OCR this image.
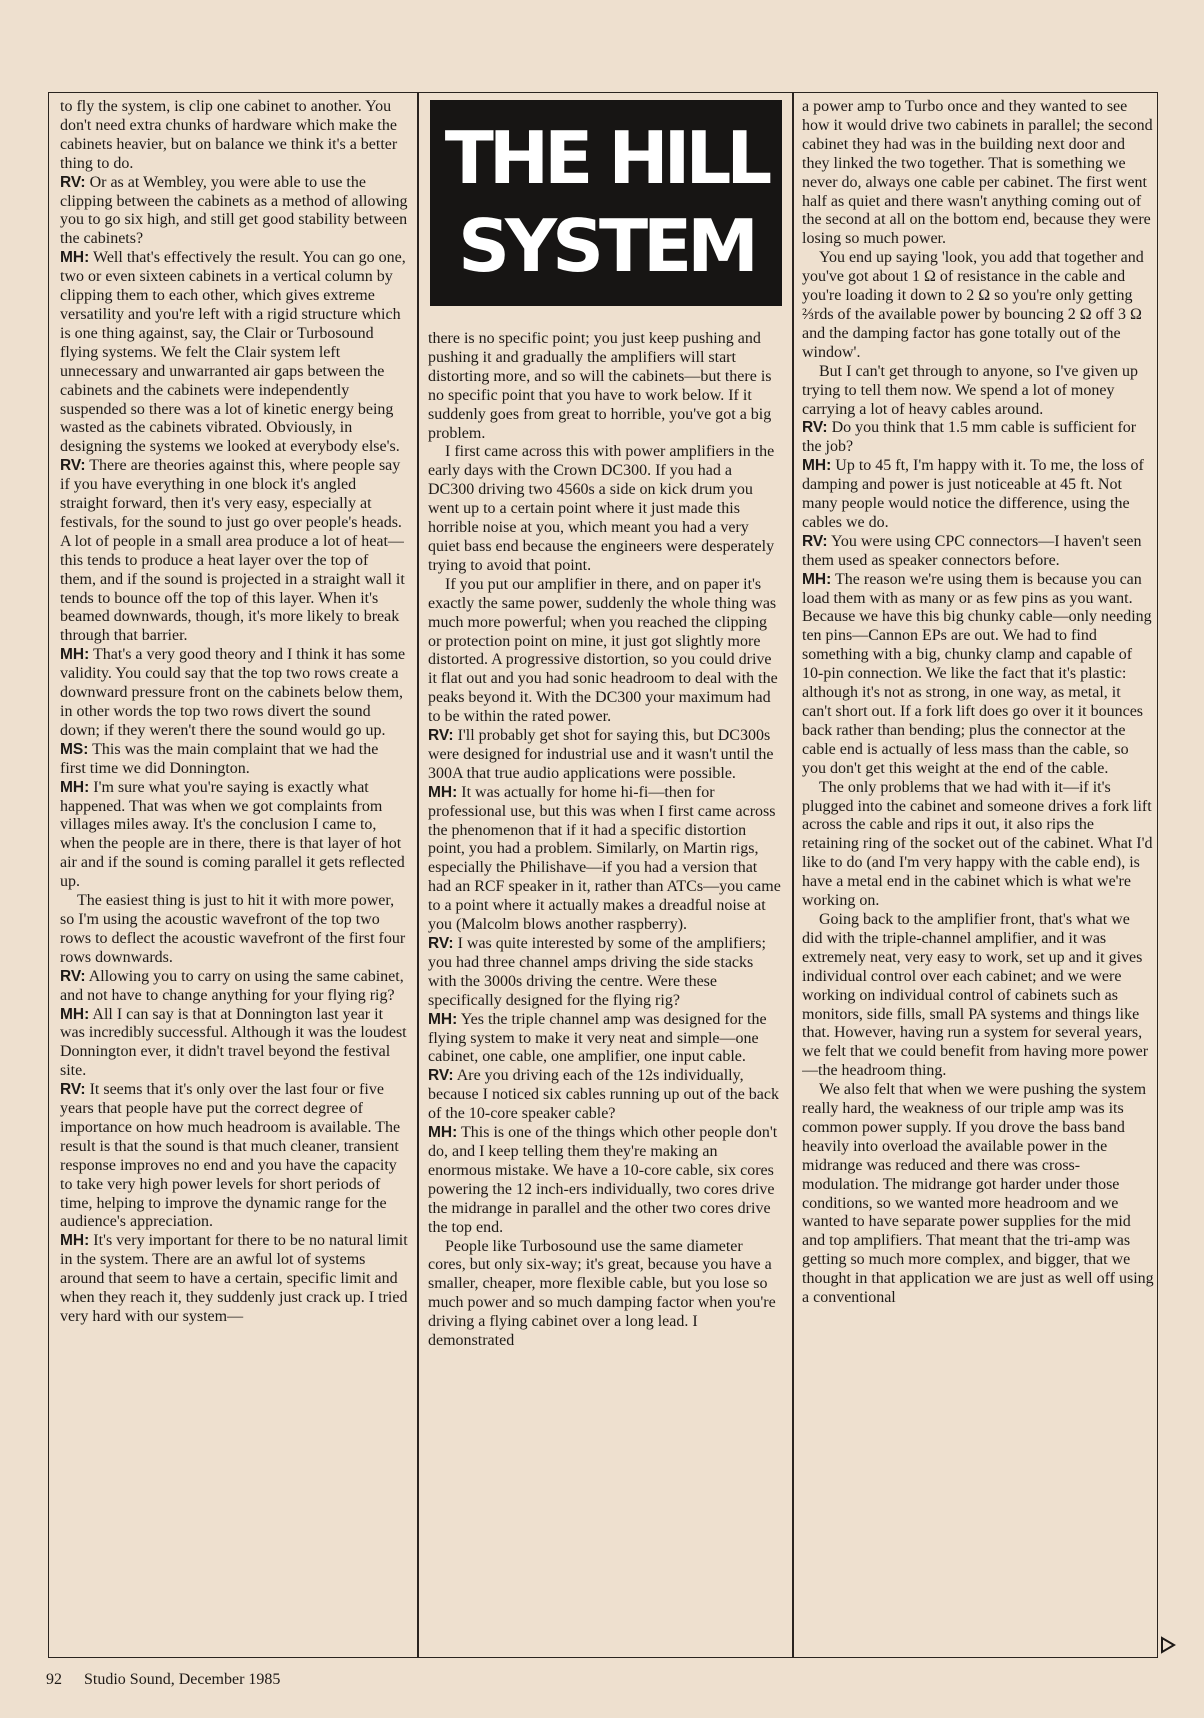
to fly the system, is clip one cabinet to another. You don't need extra chunks of hardware which make the cabinets heavier, but on balance we think it's a better thing to do.

RV: Or as at Wembley, you were able to use the clipping between the cabinets as a method of allowing you to go six high, and still get good stability between the cabinets?

MH: Well that's effectively the result. You can go one, two or even sixteen cabinets in a vertical column by clipping them to each other, which gives extreme versatility and you're left with a rigid structure which is one thing against, say, the Clair or Turbosound flying systems. We felt the Clair system left unnecessary and unwarranted air gaps between the cabinets and the cabinets were independently suspended so there was a lot of kinetic energy being wasted as the cabinets vibrated. Obviously, in designing the systems we looked at everybody else's.

RV: There are theories against this, where people say if you have everything in one block it's angled straight forward, then it's very easy, especially at festivals, for the sound to just go over people's heads. A lot of people in a small area produce a lot of heat—this tends to produce a heat layer over the top of them, and if the sound is projected in a straight wall it tends to bounce off the top of this layer. When it's beamed downwards, though, it's more likely to break through that barrier.

MH: That's a very good theory and I think it has some validity. You could say that the top two rows create a downward pressure front on the cabinets below them, in other words the top two rows divert the sound down; if they weren't there the sound would go up.

MS: This was the main complaint that we had the first time we did Donnington.

MH: I'm sure what you're saying is exactly what happened. That was when we got complaints from villages miles away. It's the conclusion I came to, when the people are in there, there is that layer of hot air and if the sound is coming parallel it gets reflected up.

The easiest thing is just to hit it with more power, so I'm using the acoustic wavefront of the top two rows to deflect the acoustic wavefront of the first four rows downwards.

RV: Allowing you to carry on using the same cabinet, and not have to change anything for your flying rig?

MH: All I can say is that at Donnington last year it was incredibly successful. Although it was the loudest Donnington ever, it didn't travel beyond the festival site.

RV: It seems that it's only over the last four or five years that people have put the correct degree of importance on how much headroom is available. The result is that the sound is that much cleaner, transient response improves no end and you have the capacity to take very high power levels for short periods of time, helping to improve the dynamic range for the audience's appreciation.

MH: It's very important for there to be no natural limit in the system. There are an awful lot of systems around that seem to have a certain, specific limit and when they reach it, they suddenly just crack up. I tried very hard with our system—

THE HILL
SYSTEM

there is no specific point; you just keep pushing and pushing it and gradually the amplifiers will start distorting more, and so will the cabinets—but there is no specific point that you have to work below. If it suddenly goes from great to horrible, you've got a big problem.

I first came across this with power amplifiers in the early days with the Crown DC300. If you had a DC300 driving two 4560s a side on kick drum you went up to a certain point where it just made this horrible noise at you, which meant you had a very quiet bass end because the engineers were desperately trying to avoid that point.

If you put our amplifier in there, and on paper it's exactly the same power, suddenly the whole thing was much more powerful; when you reached the clipping or protection point on mine, it just got slightly more distorted. A progressive distortion, so you could drive it flat out and you had sonic headroom to deal with the peaks beyond it. With the DC300 your maximum had to be within the rated power.

RV: I'll probably get shot for saying this, but DC300s were designed for industrial use and it wasn't until the 300A that true audio applications were possible.

MH: It was actually for home hi-fi—then for professional use, but this was when I first came across the phenomenon that if it had a specific distortion point, you had a problem. Similarly, on Martin rigs, especially the Philishave—if you had a version that had an RCF speaker in it, rather than ATCs—you came to a point where it actually makes a dreadful noise at you (Malcolm blows another raspberry).

RV: I was quite interested by some of the amplifiers; you had three channel amps driving the side stacks with the 3000s driving the centre. Were these specifically designed for the flying rig?

MH: Yes the triple channel amp was designed for the flying system to make it very neat and simple—one cabinet, one cable, one amplifier, one input cable.

RV: Are you driving each of the 12s individually, because I noticed six cables running up out of the back of the 10-core speaker cable?

MH: This is one of the things which other people don't do, and I keep telling them they're making an enormous mistake. We have a 10-core cable, six cores powering the 12 inch-ers individually, two cores drive the midrange in parallel and the other two cores drive the top end.

People like Turbosound use the same diameter cores, but only six-way; it's great, because you have a smaller, cheaper, more flexible cable, but you lose so much power and so much damping factor when you're driving a flying cabinet over a long lead. I demonstrated

a power amp to Turbo once and they wanted to see how it would drive two cabinets in parallel; the second cabinet they had was in the building next door and they linked the two together. That is something we never do, always one cable per cabinet. The first went half as quiet and there wasn't anything coming out of the second at all on the bottom end, because they were losing so much power.

You end up saying 'look, you add that together and you've got about 1 Ω of resistance in the cable and you're loading it down to 2 Ω so you're only getting ⅔rds of the available power by bouncing 2 Ω off 3 Ω and the damping factor has gone totally out of the window'.

But I can't get through to anyone, so I've given up trying to tell them now. We spend a lot of money carrying a lot of heavy cables around.

RV: Do you think that 1.5 mm cable is sufficient for the job?

MH: Up to 45 ft, I'm happy with it. To me, the loss of damping and power is just noticeable at 45 ft. Not many people would notice the difference, using the cables we do.

RV: You were using CPC connectors—I haven't seen them used as speaker connectors before.

MH: The reason we're using them is because you can load them with as many or as few pins as you want. Because we have this big chunky cable—only needing ten pins—Cannon EPs are out. We had to find something with a big, chunky clamp and capable of 10-pin connection. We like the fact that it's plastic: although it's not as strong, in one way, as metal, it can't short out. If a fork lift does go over it it bounces back rather than bending; plus the connector at the cable end is actually of less mass than the cable, so you don't get this weight at the end of the cable.

The only problems that we had with it—if it's plugged into the cabinet and someone drives a fork lift across the cable and rips it out, it also rips the retaining ring of the socket out of the cabinet. What I'd like to do (and I'm very happy with the cable end), is have a metal end in the cabinet which is what we're working on.

Going back to the amplifier front, that's what we did with the triple-channel amplifier, and it was extremely neat, very easy to work, set up and it gives individual control over each cabinet; and we were working on individual control of cabinets such as monitors, side fills, small PA systems and things like that. However, having run a system for several years, we felt that we could benefit from having more power—the headroom thing.

We also felt that when we were pushing the system really hard, the weakness of our triple amp was its common power supply. If you drove the bass band heavily into overload the available power in the midrange was reduced and there was cross-modulation. The midrange got harder under those conditions, so we wanted more headroom and we wanted to have separate power supplies for the mid and top amplifiers. That meant that the tri-amp was getting so much more complex, and bigger, that we thought in that application we are just as well off using a conventional

92 Studio Sound, December 1985
